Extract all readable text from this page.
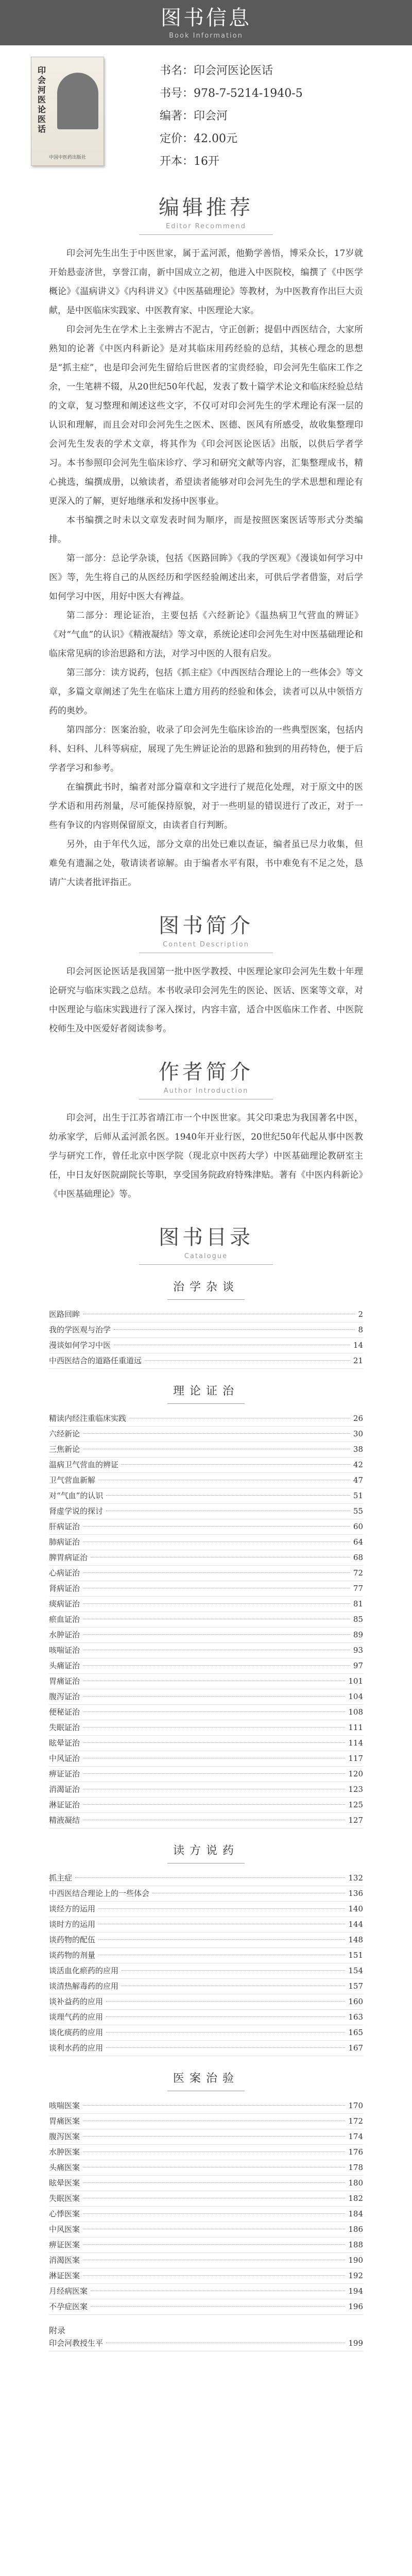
图书信息
Book Information
印会河医论医话
中国中医药出版社
书名：印会河医论医话
书号：978-7-5214-1940-5
编著：印会河
定价：42.00元
开本：16开
编辑推荐
Editor Recommend
印会河先生出生于中医世家，属于孟河派，他勤学善悟，博采众长，17岁就开始悬壶济世，享誉江南，新中国成立之初，他进入中医院校，编撰了《中医学概论》《温病讲义》《内科讲义》《中医基础理论》等教材，为中医教育作出巨大贡献，是中医临床实践家、中医教育家、中医理论大家。
印会河先生在学术上主张辨古不泥古，守正创新；提倡中西医结合，大家所熟知的论著《中医内科新论》是对其临床用药经验的总结，其核心理念的思想是“抓主症”，也是印会河先生留给后世医者的宝贵经验，印会河先生临床工作之余，一生笔耕不辍，从20世纪50年代起，发表了数十篇学术论文和临床经验总结的文章，复习整理和阐述这些文字，不仅可对印会河先生的学术理论有深一层的认识和理解，而且会对印会河先生之医术、医德、医风有所感受，故收集整理印会河先生发表的学术文章，将其作为《印会河医论医话》出版，以供后学者学习。本书参照印会河先生临床诊疗、学习和研究文献等内容，汇集整理成书，精心挑选，编撰成册，以飨读者，希望读者能够对印会河先生的学术思想和理论有更深入的了解，更好地继承和发扬中医事业。
本书编撰之时未以文章发表时间为顺序，而是按照医案医话等形式分类编排。
第一部分：总论学杂谈，包括《医路回眸》《我的学医观》《漫谈如何学习中医》等，先生将自己的从医经历和学医经验阐述出来，可供后学者借鉴，对后学如何学习中医，用好中医大有裨益。
第二部分：理论证治，主要包括《六经新论》《温热病卫气营血的辨证》《对“气血”的认识》《精液凝结》等文章，系统论述印会河先生对中医基础理论和临床常见病的诊治思路和方法，对学习中医的人很有启发。
第三部分：读方说药，包括《抓主症》《中西医结合理论上的一些体会》等文章，多篇文章阐述了先生在临床上遣方用药的经验和体会，读者可以从中领悟方药的奥妙。
第四部分：医案治验，收录了印会河先生临床诊治的一些典型医案，包括内科、妇科、儿科等病症，展现了先生辨证论治的思路和独到的用药特色，便于后学者学习和参考。
在编撰此书时，编者对部分篇章和文字进行了规范化处理，对于原文中的医学术语和用药剂量，尽可能保持原貌，对于一些明显的错误进行了改正，对于一些有争议的内容则保留原文，由读者自行判断。
另外，由于年代久远，部分文章的出处已难以查证，编者虽已尽力收集，但难免有遗漏之处，敬请读者谅解。由于编者水平有限，书中难免有不足之处，恳请广大读者批评指正。
图书简介
Content Description
印会河医论医话是我国第一批中医学教授、中医理论家印会河先生数十年理论研究与临床实践之总结。本书收录印会河先生的医论、医话、医案等文章，对中医理论与临床实践进行了深入探讨，内容丰富，适合中医临床工作者、中医院校师生及中医爱好者阅读参考。
作者简介
Author Introduction
印会河，出生于江苏省靖江市一个中医世家。其父印秉忠为我国著名中医，幼承家学，后师从孟河派名医。1940年开业行医，20世纪50年代起从事中医教学与研究工作，曾任北京中医学院（现北京中医药大学）中医基础理论教研室主任，中日友好医院副院长等职，享受国务院政府特殊津贴。著有《中医内科新论》《中医基础理论》等。
图书目录
Catalogue
治学杂谈
医路回眸	2
我的学医观与治学	8
漫谈如何学习中医	14
中西医结合的道路任重道远	21
理论证治
精读内经注重临床实践	26
六经新论	30
三焦新论	38
温病卫气营血的辨证	42
卫气营血新解	47
对“气血”的认识	51
肾虚学说的探讨	55
肝病证治	60
肺病证治	64
脾胃病证治	68
心病证治	72
肾病证治	77
痰病证治	81
瘀血证治	85
水肿证治	89
咳喘证治	93
头痛证治	97
胃痛证治	101
腹泻证治	104
便秘证治	108
失眠证治	111
眩晕证治	114
中风证治	117
痹证证治	120
消渴证治	123
淋证证治	125
精液凝结	127
读方说药
抓主症	132
中西医结合理论上的一些体会	136
谈经方的运用	140
谈时方的运用	144
谈药物的配伍	148
谈药物的剂量	151
谈活血化瘀药的应用	154
谈清热解毒药的应用	157
谈补益药的应用	160
谈理气药的应用	163
谈化痰药的应用	165
谈利水药的应用	167
医案治验
咳喘医案	170
胃痛医案	172
腹泻医案	174
水肿医案	176
头痛医案	178
眩晕医案	180
失眠医案	182
心悸医案	184
中风医案	186
痹证医案	188
消渴医案	190
淋证医案	192
月经病医案	194
不孕症医案	196
附录
印会河教授生平	199
